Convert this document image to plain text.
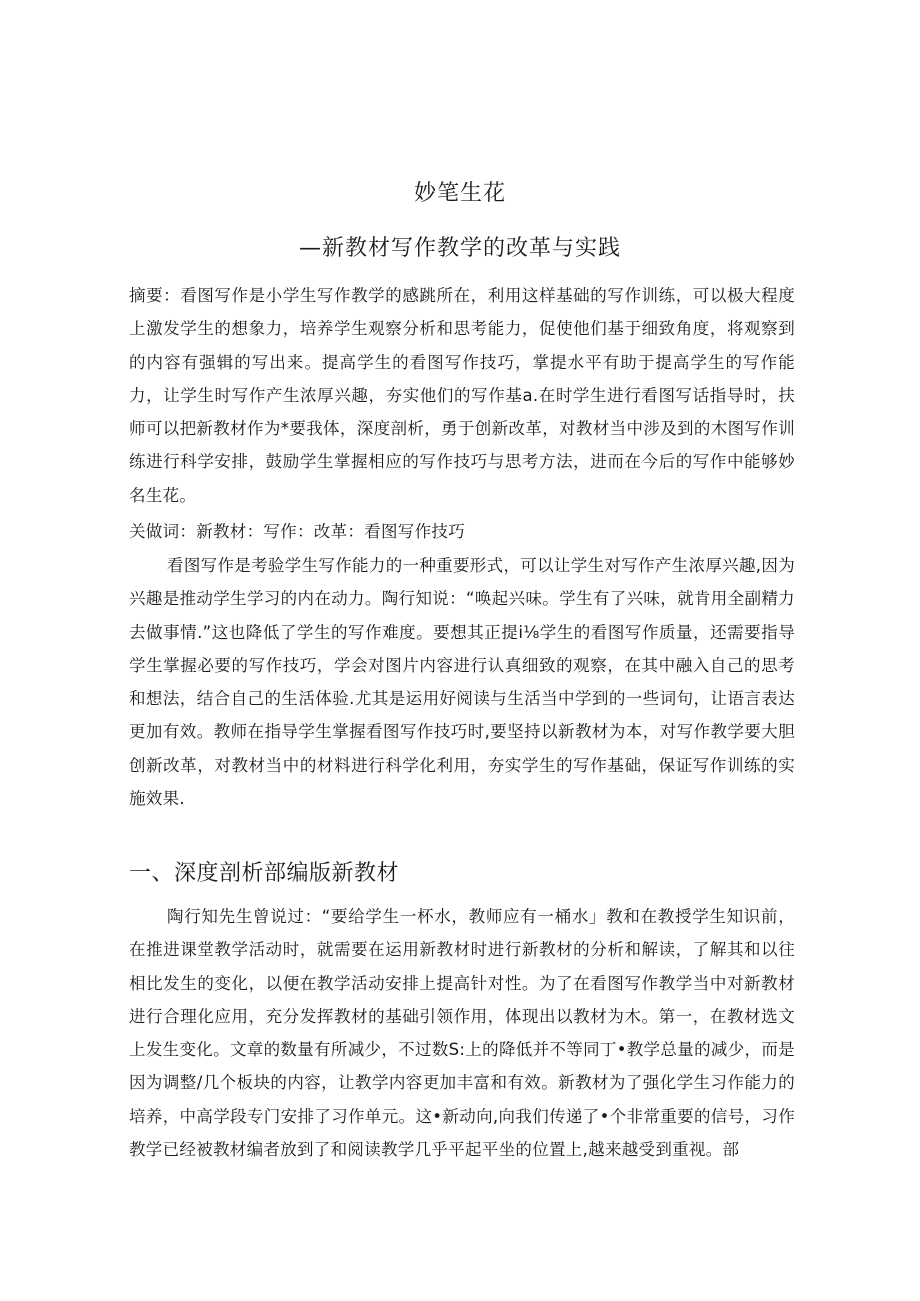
妙笔生花
—新教材写作教学的改革与实践
摘要：看图写作是小学生写作教学的感跳所在，利用这样基础的写作训练，可以极大程度上激发学生的想象力，培养学生观察分析和思考能力，促使他们基于细致角度，将观察到的内容有强辑的写出来。提高学生的看图写作技巧，掌提水平有助于提高学生的写作能力，让学生时写作产生浓厚兴趣，夯实他们的写作基a.在时学生进行看图写话指导时，扶师可以把新教材作为*要我体，深度剖析，勇于创新改革，对教材当中涉及到的木图写作训练进行科学安排，鼓励学生掌握相应的写作技巧与思考方法，进而在今后的写作中能够妙名生花。
关做词：新教材：写作：改革：看图写作技巧
看图写作是考验学生写作能力的一种重要形式，可以让学生对写作产生浓厚兴趣,因为兴趣是推动学生学习的内在动力。陶行知说：“唤起兴味。学生有了兴味，就肯用全副精力去做事情.”这也降低了学生的写作难度。要想其正提i⅛学生的看图写作质量，还需要指导学生掌握必要的写作技巧，学会对图片内容进行认真细致的观察，在其中融入自己的思考和想法，结合自己的生活体验.尤其是运用好阅读与生活当中学到的一些词句，让语言表达更加有效。教师在指导学生掌握看图写作技巧时,要坚持以新教材为本，对写作教学要大胆创新改革，对教材当中的材料进行科学化利用，夯实学生的写作基础，保证写作训练的实施效果.
一、深度剖析部编版新教材
陶行知先生曾说过：“要给学生一杯水，教师应有一桶水」教和在教授学生知识前，在推进课堂教学活动时，就需要在运用新教材时进行新教材的分析和解读，了解其和以往相比发生的变化，以便在教学活动安排上提高针对性。为了在看图写作教学当中对新教材进行合理化应用，充分发挥教材的基础引领作用，体现出以教材为木。第一，在教材选文上发生变化。文章的数量有所减少，不过数S:上的降低并不等同丁•教学总量的减少，而是因为调整/几个板块的内容，让教学内容更加丰富和有效。新教材为了强化学生习作能力的培养，中高学段专门安排了习作单元。这•新动向,向我们传递了•个非常重要的信号，习作教学已经被教材编者放到了和阅读教学几乎平起平坐的位置上,越来越受到重视。部
